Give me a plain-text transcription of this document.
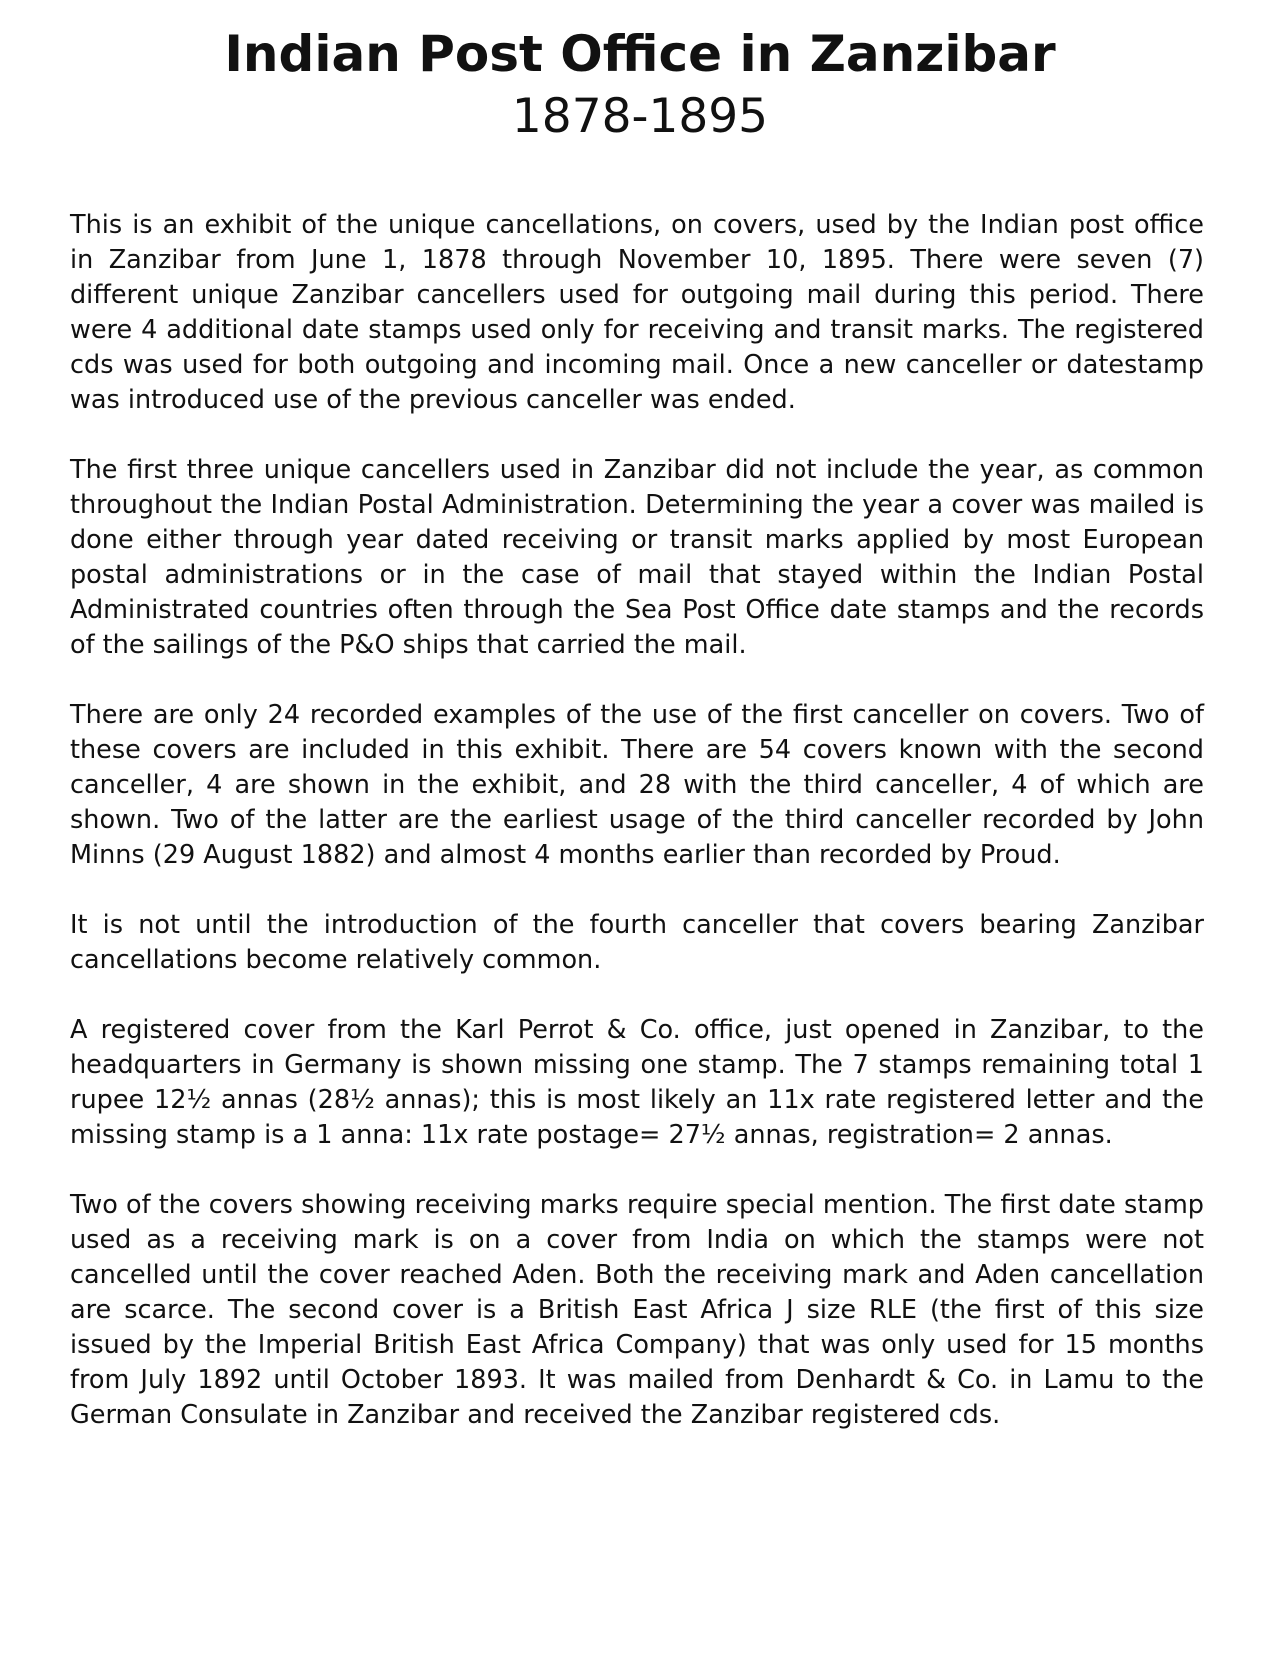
Indian Post Office in Zanzibar
1878-1895

This is an exhibit of the unique cancellations, on covers, used by the Indian post office in Zanzibar from June 1, 1878 through November 10, 1895. There were seven (7) different unique Zanzibar cancellers used for outgoing mail during this period. There were 4 additional date stamps used only for receiving and transit marks. The registered cds was used for both outgoing and incoming mail. Once a new canceller or datestamp was introduced use of the previous canceller was ended.

The first three unique cancellers used in Zanzibar did not include the year, as common throughout the Indian Postal Administration. Determining the year a cover was mailed is done either through year dated receiving or transit marks applied by most European postal administrations or in the case of mail that stayed within the Indian Postal Administrated countries often through the Sea Post Office date stamps and the records of the sailings of the P&O ships that carried the mail.

There are only 24 recorded examples of the use of the first canceller on covers. Two of these covers are included in this exhibit. There are 54 covers known with the second canceller, 4 are shown in the exhibit, and 28 with the third canceller, 4 of which are shown. Two of the latter are the earliest usage of the third canceller recorded by John Minns (29 August 1882) and almost 4 months earlier than recorded by Proud.

It is not until the introduction of the fourth canceller that covers bearing Zanzibar cancellations become relatively common.

A registered cover from the Karl Perrot & Co. office, just opened in Zanzibar, to the headquarters in Germany is shown missing one stamp. The 7 stamps remaining total 1 rupee 12½ annas (28½ annas); this is most likely an 11x rate registered letter and the missing stamp is a 1 anna: 11x rate postage= 27½ annas, registration= 2 annas.

Two of the covers showing receiving marks require special mention. The first date stamp used as a receiving mark is on a cover from India on which the stamps were not cancelled until the cover reached Aden. Both the receiving mark and Aden cancellation are scarce. The second cover is a British East Africa J size RLE (the first of this size issued by the Imperial British East Africa Company) that was only used for 15 months from July 1892 until October 1893. It was mailed from Denhardt & Co. in Lamu to the German Consulate in Zanzibar and received the Zanzibar registered cds.
